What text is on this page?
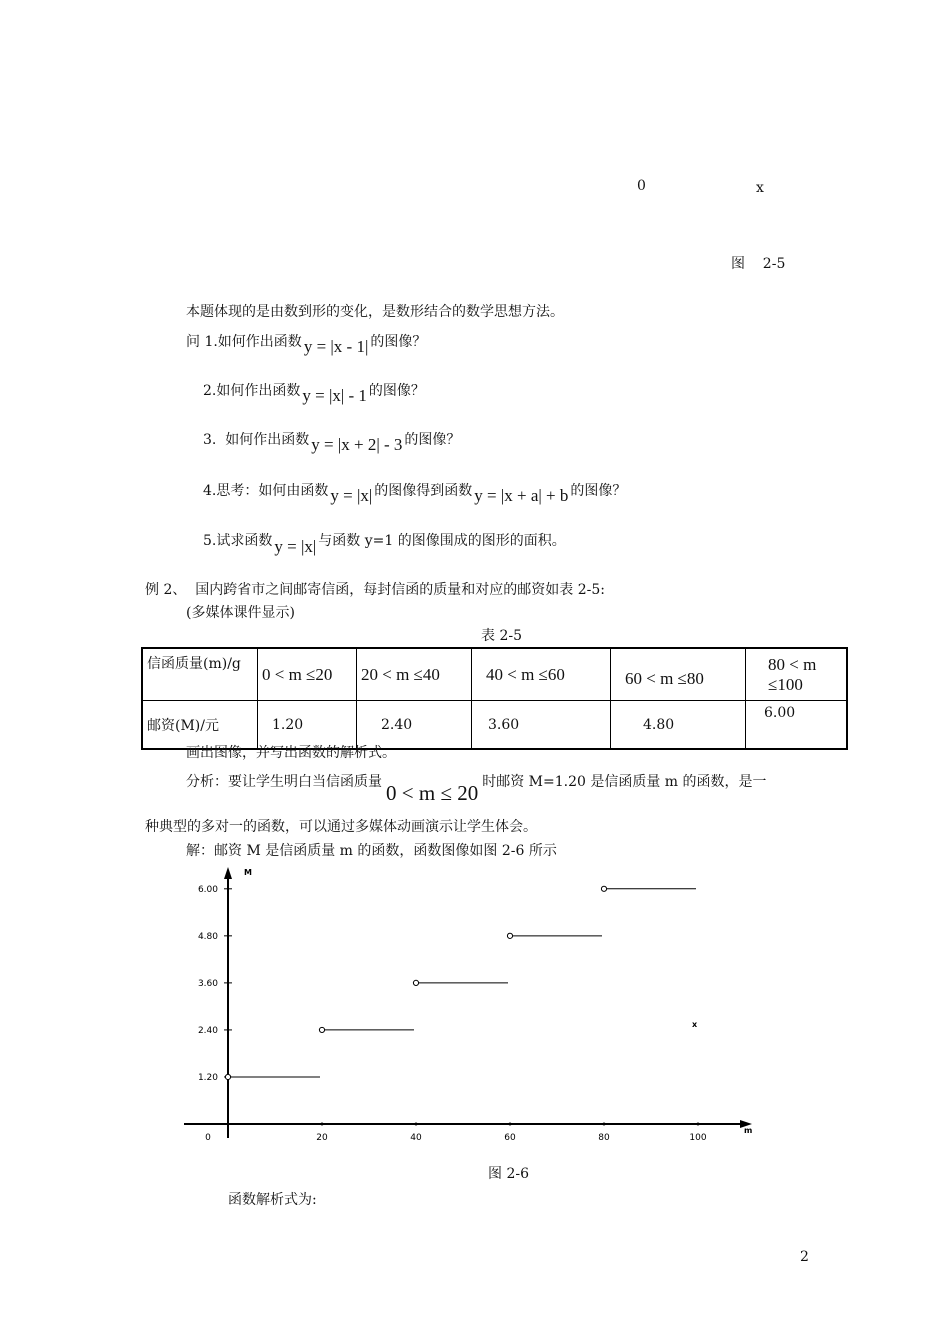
0	x
图    2-5
本题体现的是由数到形的变化，是数形结合的数学思想方法。
问 1.如何作出函数 y = |x - 1| 的图像？
2.如何作出函数 y = |x| - 1 的图像？
3.  如何作出函数 y = |x + 2| - 3 的图像？
4.思考：如何由函数 y = |x| 的图像得到函数 y = |x + a| + b 的图像？
5.试求函数 y = |x| 与函数 y=1 的图像围成的图形的面积。
例 2、  国内跨省市之间邮寄信函，每封信函的质量和对应的邮资如表 2-5:
(多媒体课件显示)
表 2-5
信函质量(m)/g	0 < m ≤20	20 < m ≤40	40 < m ≤60	60 < m ≤80	80 < m ≤100
邮资(M)/元	1.20	2.40	3.60	4.80	6.00
画出图像，并写出函数的解析式。
分析：要让学生明白当信函质量 0 < m ≤ 20 时邮资 M=1.20 是信函质量 m 的函数，是一
种典型的多对一的函数，可以通过多媒体动画演示让学生体会。
解：邮资 M 是信函质量 m 的函数，函数图像如图 2-6 所示
M
m
x
0	20	40	60	80	100
1.20
2.40
3.60
4.80
6.00
图 2-6
函数解析式为:
2
